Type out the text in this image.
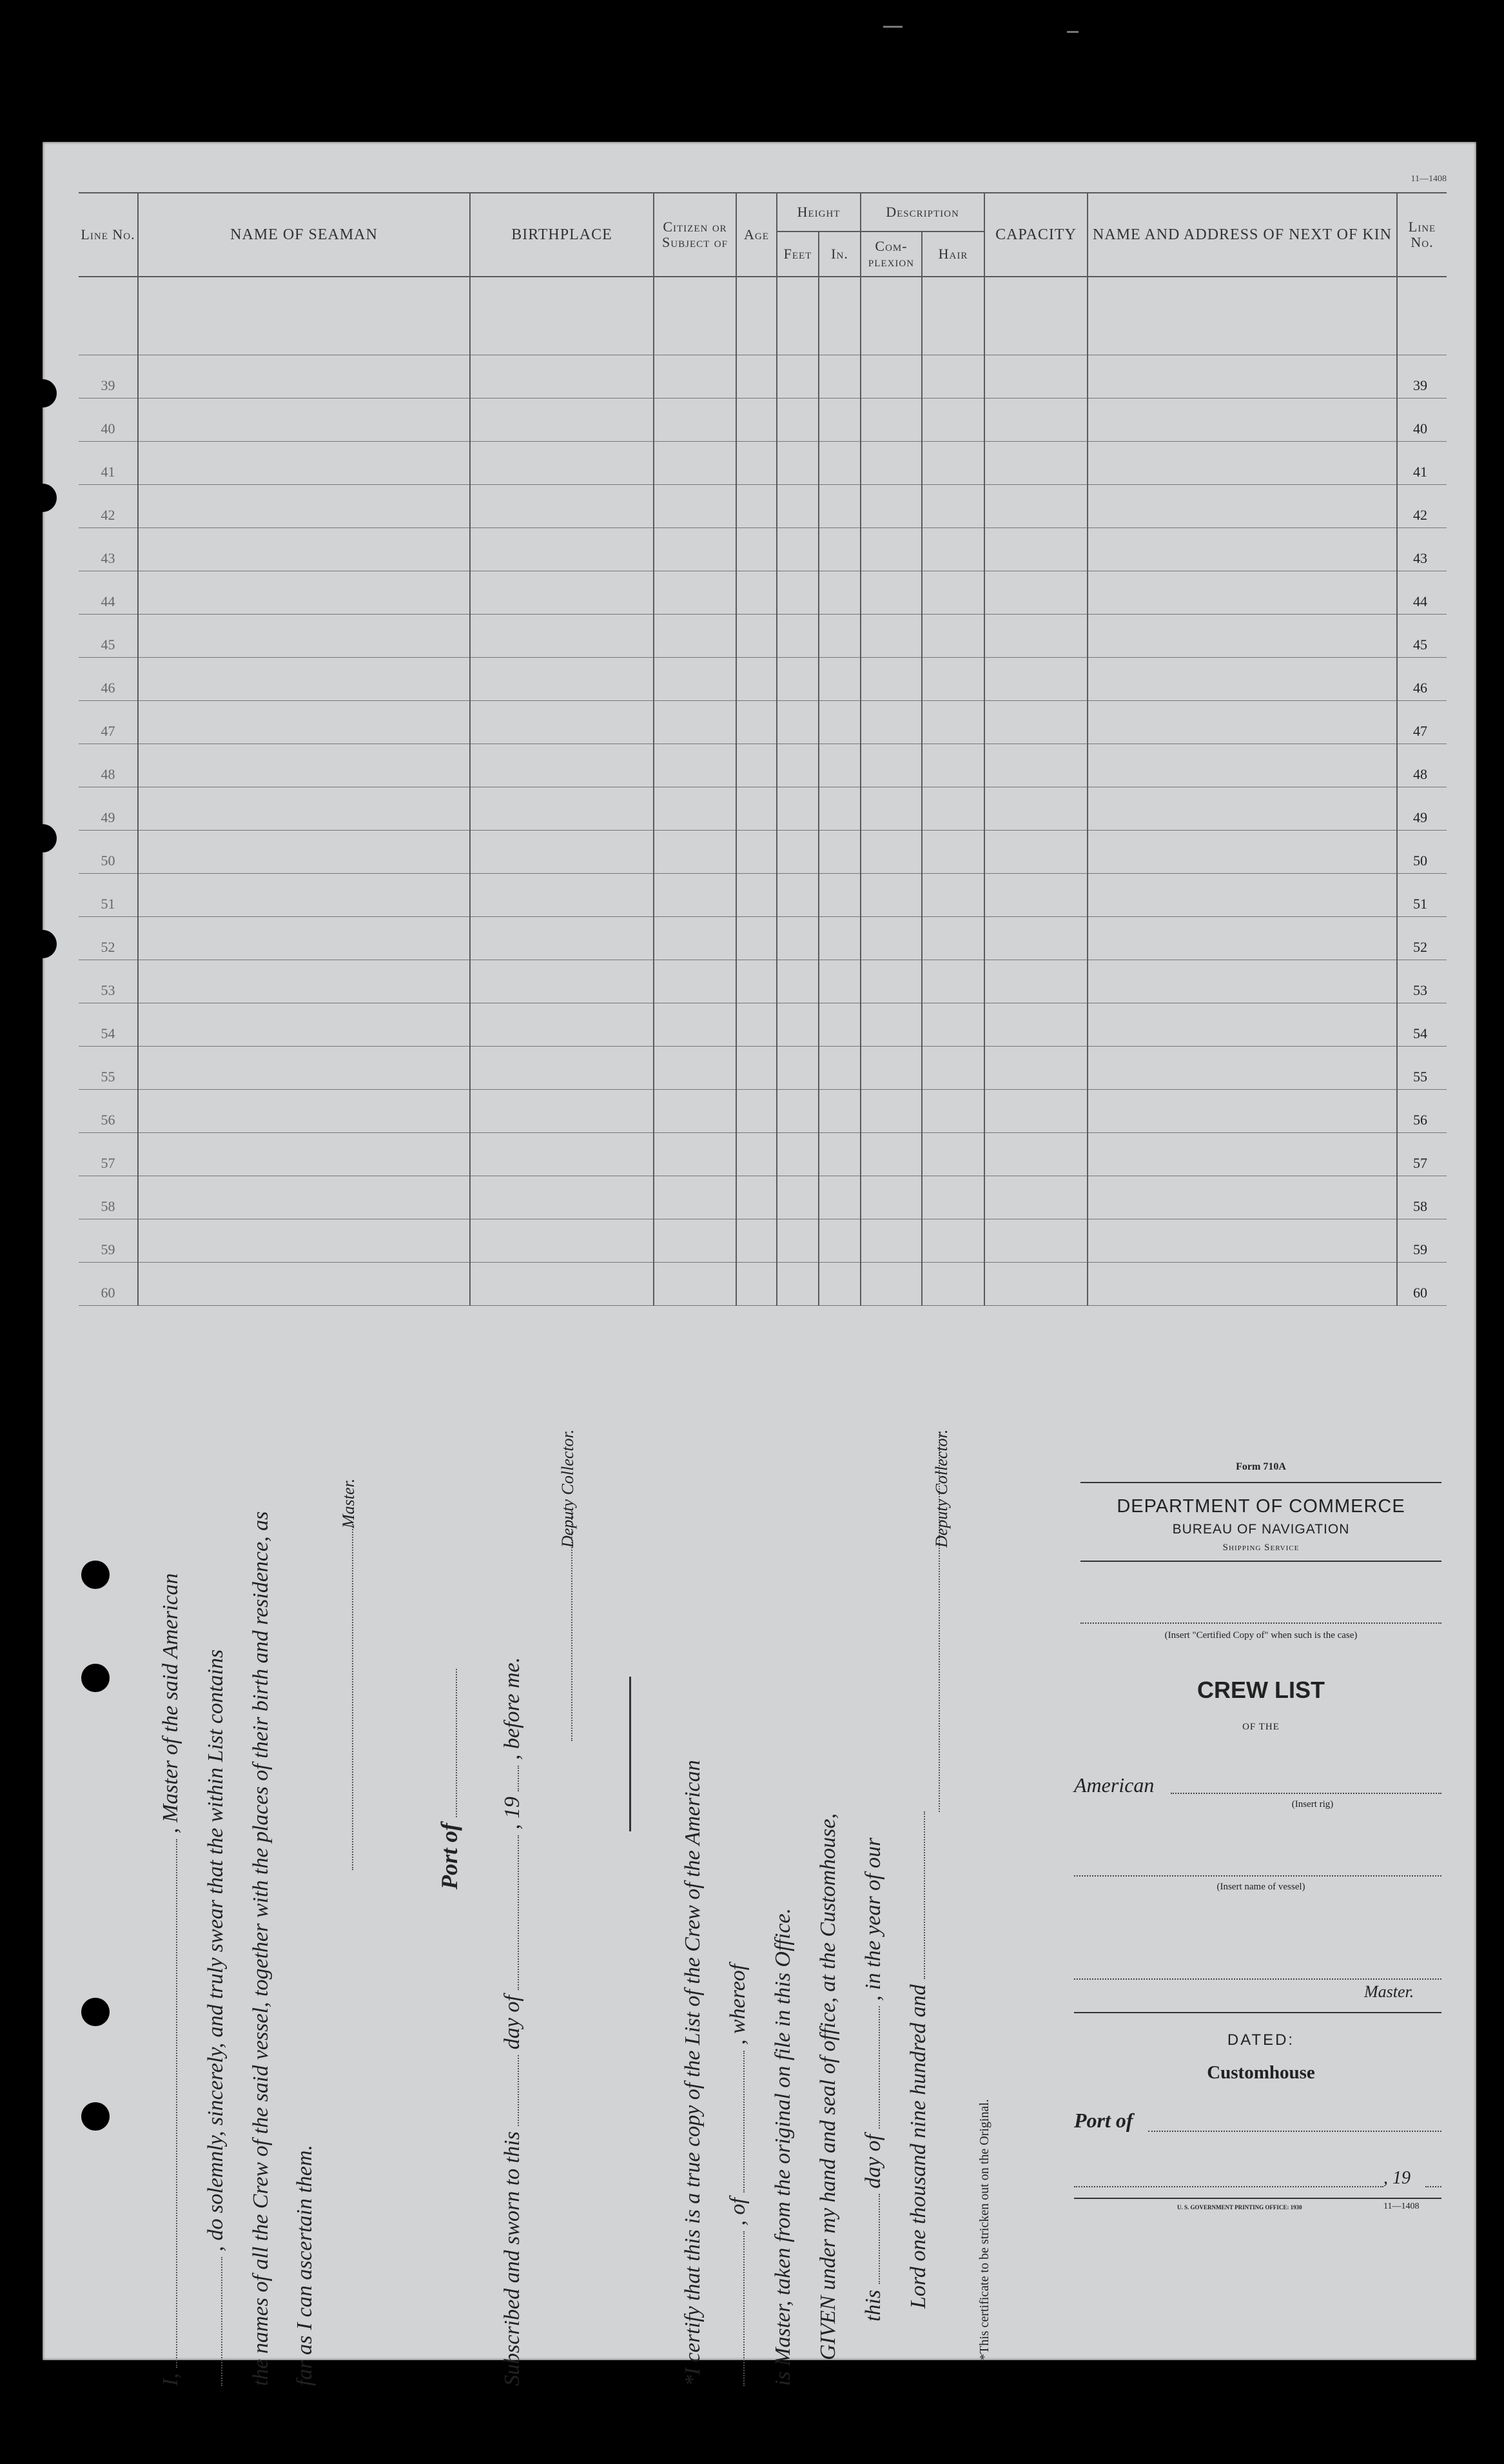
11—1408
Line No.	NAME OF SEAMAN	BIRTHPLACE	Citizen or Subject of	Age	Height		Description		CAPACITY	NAME AND ADDRESS OF NEXT OF KIN	Line No.
					Feet	In.	Com-plexion	Hair			

39											39
40											40
41											41
42											42
43											43
44											44
45											45
46											46
47											47
48											48
49											49
50											50
51											51
52											52
53											53
54											54
55											55
56											56
57											57
58											58
59											59
60											60
I,  , Master of the said American , do solemnly, sincerely, and truly swear that the within List contains the names of all the Crew of the said vessel, together with the places of their birth and residence, as far as I can ascertain them.
Master.
Port of
Subscribed and sworn to this  day of  , 19  , before me.
Deputy Collector.
*I certify that this is a true copy of the List of the Crew of the American , of  , whereof is Master, taken from the original on file in this Office. GIVEN under my hand and seal of office, at the Customhouse, this  day of  , in the year of our
Lord one thousand nine hundred and
Deputy Collector.
*This certificate to be stricken out on the Original.
Form 710A
DEPARTMENT OF COMMERCE
BUREAU OF NAVIGATION
Shipping Service
(Insert "Certified Copy of" when such is the case)
CREW LIST
OF THE
American
(Insert rig)
(Insert name of vessel)
Master.
DATED:
Customhouse
Port of
, 19
U. S. GOVERNMENT PRINTING OFFICE: 1930	11—1408
